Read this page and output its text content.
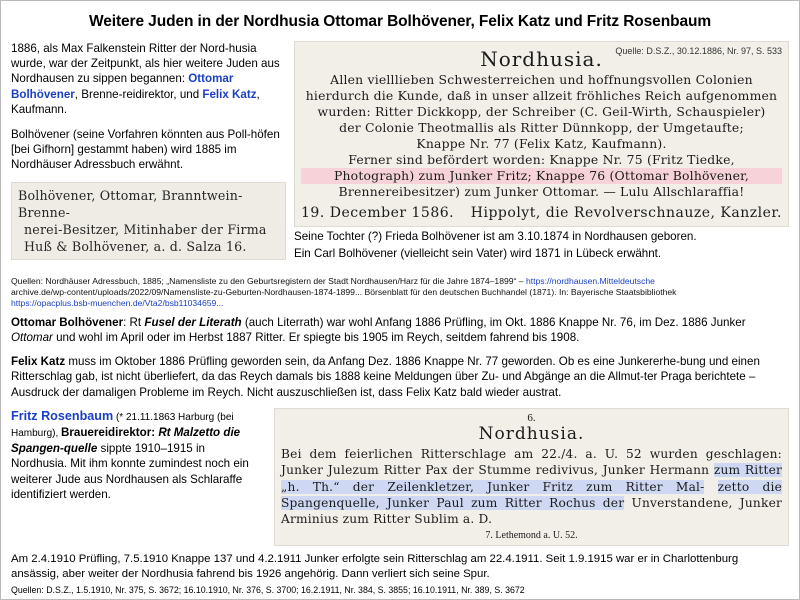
Weitere Juden in der Nordhusia Ottomar Bolhövener, Felix Katz und Fritz Rosenbaum

1886, als Max Falkenstein Ritter der Nord-husia wurde, war der Zeitpunkt, als hier weitere Juden aus Nordhausen zu sippen begannen: Ottomar Bolhövener, Brenne-reidirektor, und Felix Katz, Kaufmann.

Bolhövener (seine Vorfahren könnten aus Poll-höfen [bei Gifhorn] gestammt haben) wird 1885 im Nordhäuser Adressbuch erwähnt.

Bolhövener, Ottomar, Branntwein-Brenne-
nerei-Besitzer, Mitinhaber der Firma
Huß & Bolhövener, a. d. Salza 16.
Quelle: D.S.Z., 30.12.1886, Nr. 97, S. 533
Nordhusia.
Allen vielllieben Schwesterreichen und hoffnungsvollen Colonien
hierdurch die Kunde, daß in unser allzeit fröhliches Reich aufgenommen
wurden: Ritter Dickkopp, der Schreiber (C. Geil-Wirth, Schauspieler)
der Colonie Theotmallis als Ritter Dünnkopp, der Umgetaufte;
Knappe Nr. 77 (Felix Katz, Kaufmann).
Ferner sind befördert worden: Knappe Nr. 75 (Fritz Tiedke,
Photograph) zum Junker Fritz; Knappe 76 (Ottomar Bolhövener,
Brennereibesitzer) zum Junker Ottomar. — Lulu Allschlaraffia!
19. December 1586. Hippolyt, die Revolverschnauze, Kanzler.

Seine Tochter (?) Frieda Bolhövener ist am 3.10.1874 in Nordhausen geboren.

Ein Carl Bolhövener (vielleicht sein Vater) wird 1871 in Lübeck erwähnt.

Quellen: Nordhäuser Adressbuch, 1885; „Namensliste zu den Geburtsregistern der Stadt Nordhausen/Harz für die Jahre 1874–1899“ – https://nordhausen.Mitteldeutsche
archive.de/wp-content/uploads/2022/09/Namensliste-zu-Geburten-Nordhausen-1874-1899... Börsenblatt für den deutschen Buchhandel (1871). In: Bayerische Staatsbibliothek
https://opacplus.bsb-muenchen.de/Vta2/bsb11034659...

Ottomar Bolhövener: Rt Fusel der Literath (auch Literrath) war wohl Anfang 1886 Prüfling, im Okt. 1886 Knappe Nr. 76, im Dez. 1886 Junker Ottomar und wohl im April oder im Herbst 1887 Ritter. Er spiegte bis 1905 im Reych, seitdem fahrend bis 1908.

Felix Katz muss im Oktober 1886 Prüfling geworden sein, da Anfang Dez. 1886 Knappe Nr. 77 geworden. Ob es eine Junkererhe-bung und einen Ritterschlag gab, ist nicht überliefert, da das Reych damals bis 1888 keine Meldungen über Zu- und Abgänge an die Allmut-ter Praga berichtete – Ausdruck der damaligen Probleme im Reych. Nicht auszuschließen ist, dass Felix Katz bald wieder austrat.

Fritz Rosenbaum (* 21.11.1863 Harburg (bei Hamburg), Brauereidirektor: Rt Malzetto die Spangen-quelle sippte 1910–1915 in Nordhusia. Mit ihm konnte zumindest noch ein weiterer Jude aus Nordhausen als Schlaraffe identifiziert werden.

6.
Nordhusia.
Bei dem feierlichen Ritterschlage am 22./4. a. U. 52 wurden geschlagen: Junker Julezum Ritter Pax der Stumme redivivus, Junker Hermann zum Ritter „h. Th.“ der Zeilenkletzer, Junker Fritz zum Ritter Mal- zetto die Spangenquelle, Junker Paul zum Ritter Rochus der Unverstandene, Junker Arminius zum Ritter Sublim a. D.
7. Lethemond a. U. 52.

Am 2.4.1910 Prüfling, 7.5.1910 Knappe 137 und 4.2.1911 Junker erfolgte sein Ritterschlag am 22.4.1911. Seit 1.9.1915 war er in Charlottenburg ansässig, aber weiter der Nordhusia fahrend bis 1926 angehörig. Dann verliert sich seine Spur.

Quellen: D.S.Z., 1.5.1910, Nr. 375, S. 3672; 16.10.1910, Nr. 376, S. 3700; 16.2.1911, Nr. 384, S. 3855; 16.10.1911, Nr. 389, S. 3672
